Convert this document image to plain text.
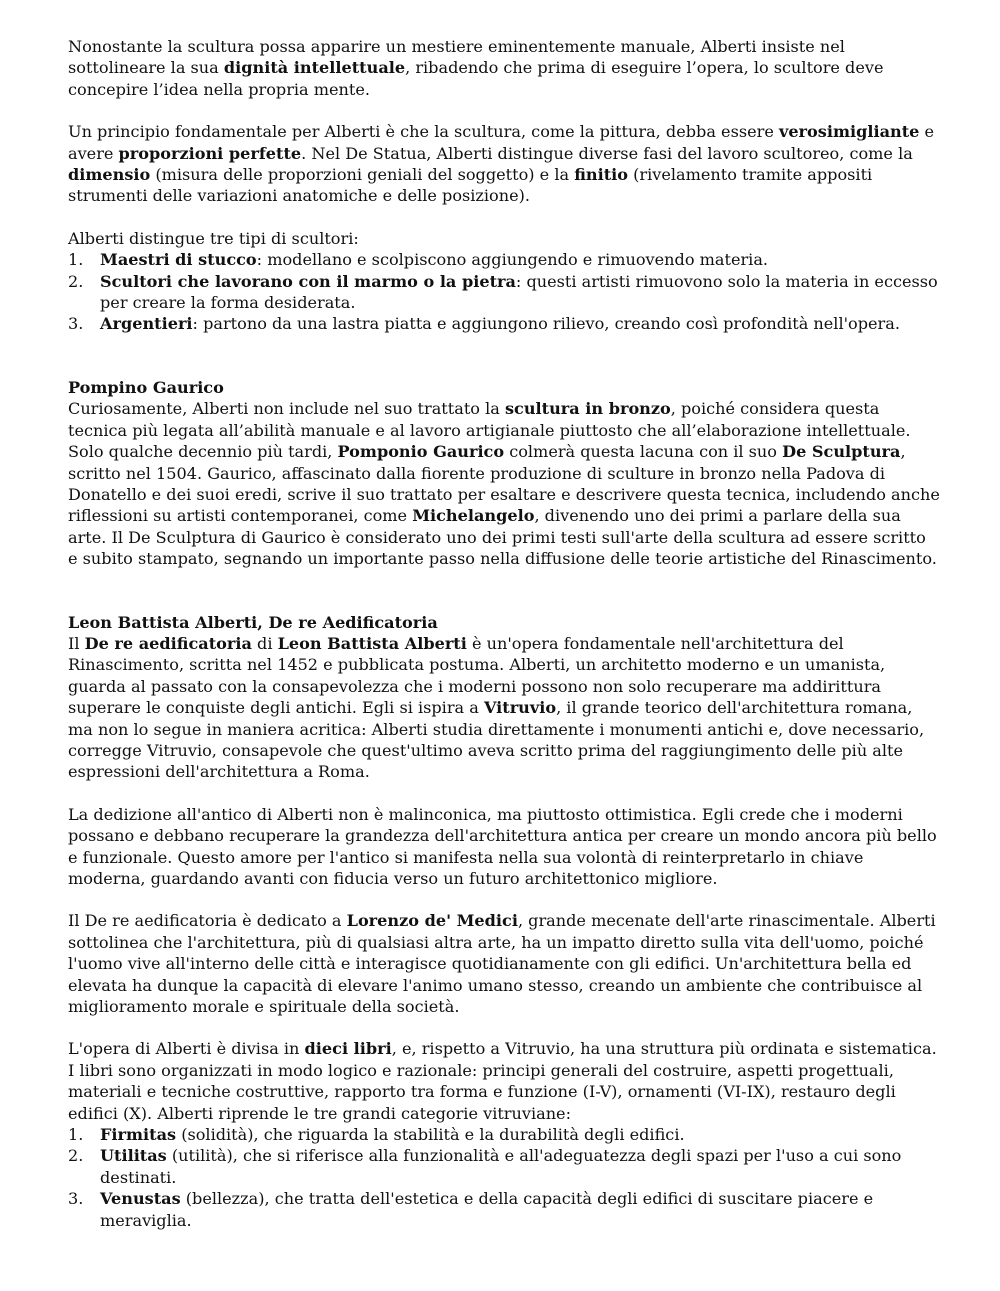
Nonostante la scultura possa apparire un mestiere eminentemente manuale, Alberti insiste nel sottolineare la sua dignità intellettuale, ribadendo che prima di eseguire l’opera, lo scultore deve concepire l’idea nella propria mente.

Un principio fondamentale per Alberti è che la scultura, come la pittura, debba essere verosimigliante e avere proporzioni perfette. Nel De Statua, Alberti distingue diverse fasi del lavoro scultoreo, come la dimensio (misura delle proporzioni geniali del soggetto) e la finitio (rivelamento tramite appositi strumenti delle variazioni anatomiche e delle posizione).

Alberti distingue tre tipi di scultori:

1. Maestri di stucco: modellano e scolpiscono aggiungendo e rimuovendo materia.
2. Scultori che lavorano con il marmo o la pietra: questi artisti rimuovono solo la materia in eccesso per creare la forma desiderata.
3. Argentieri: partono da una lastra piatta e aggiungono rilievo, creando così profondità nell'opera.
Pompino Gaurico

Curiosamente, Alberti non include nel suo trattato la scultura in bronzo, poiché considera questa tecnica più legata all’abilità manuale e al lavoro artigianale piuttosto che all’elaborazione intellettuale. Solo qualche decennio più tardi, Pomponio Gaurico colmerà questa lacuna con il suo De Sculptura, scritto nel 1504. Gaurico, affascinato dalla fiorente produzione di sculture in bronzo nella Padova di Donatello e dei suoi eredi, scrive il suo trattato per esaltare e descrivere questa tecnica, includendo anche riflessioni su artisti contemporanei, come Michelangelo, divenendo uno dei primi a parlare della sua arte. Il De Sculptura di Gaurico è considerato uno dei primi testi sull'arte della scultura ad essere scritto e subito stampato, segnando un importante passo nella diffusione delle teorie artistiche del Rinascimento.

Leon Battista Alberti, De re Aedificatoria

Il De re aedificatoria di Leon Battista Alberti è un'opera fondamentale nell'architettura del Rinascimento, scritta nel 1452 e pubblicata postuma. Alberti, un architetto moderno e un umanista, guarda al passato con la consapevolezza che i moderni possono non solo recuperare ma addirittura superare le conquiste degli antichi. Egli si ispira a Vitruvio, il grande teorico dell'architettura romana, ma non lo segue in maniera acritica: Alberti studia direttamente i monumenti antichi e, dove necessario, corregge Vitruvio, consapevole che quest'ultimo aveva scritto prima del raggiungimento delle più alte espressioni dell'architettura a Roma.

La dedizione all'antico di Alberti non è malinconica, ma piuttosto ottimistica. Egli crede che i moderni possano e debbano recuperare la grandezza dell'architettura antica per creare un mondo ancora più bello e funzionale. Questo amore per l'antico si manifesta nella sua volontà di reinterpretarlo in chiave moderna, guardando avanti con fiducia verso un futuro architettonico migliore.

Il De re aedificatoria è dedicato a Lorenzo de' Medici, grande mecenate dell'arte rinascimentale. Alberti sottolinea che l'architettura, più di qualsiasi altra arte, ha un impatto diretto sulla vita dell'uomo, poiché l'uomo vive all'interno delle città e interagisce quotidianamente con gli edifici. Un'architettura bella ed elevata ha dunque la capacità di elevare l'animo umano stesso, creando un ambiente che contribuisce al miglioramento morale e spirituale della società.

L'opera di Alberti è divisa in dieci libri, e, rispetto a Vitruvio, ha una struttura più ordinata e sistematica. I libri sono organizzati in modo logico e razionale: principi generali del costruire, aspetti progettuali, materiali e tecniche costruttive, rapporto tra forma e funzione (I-V), ornamenti (VI-IX), restauro degli edifici (X). Alberti riprende le tre grandi categorie vitruviane:

1. Firmitas (solidità), che riguarda la stabilità e la durabilità degli edifici.
2. Utilitas (utilità), che si riferisce alla funzionalità e all'adeguatezza degli spazi per l'uso a cui sono destinati.
3. Venustas (bellezza), che tratta dell'estetica e della capacità degli edifici di suscitare piacere e meraviglia.
